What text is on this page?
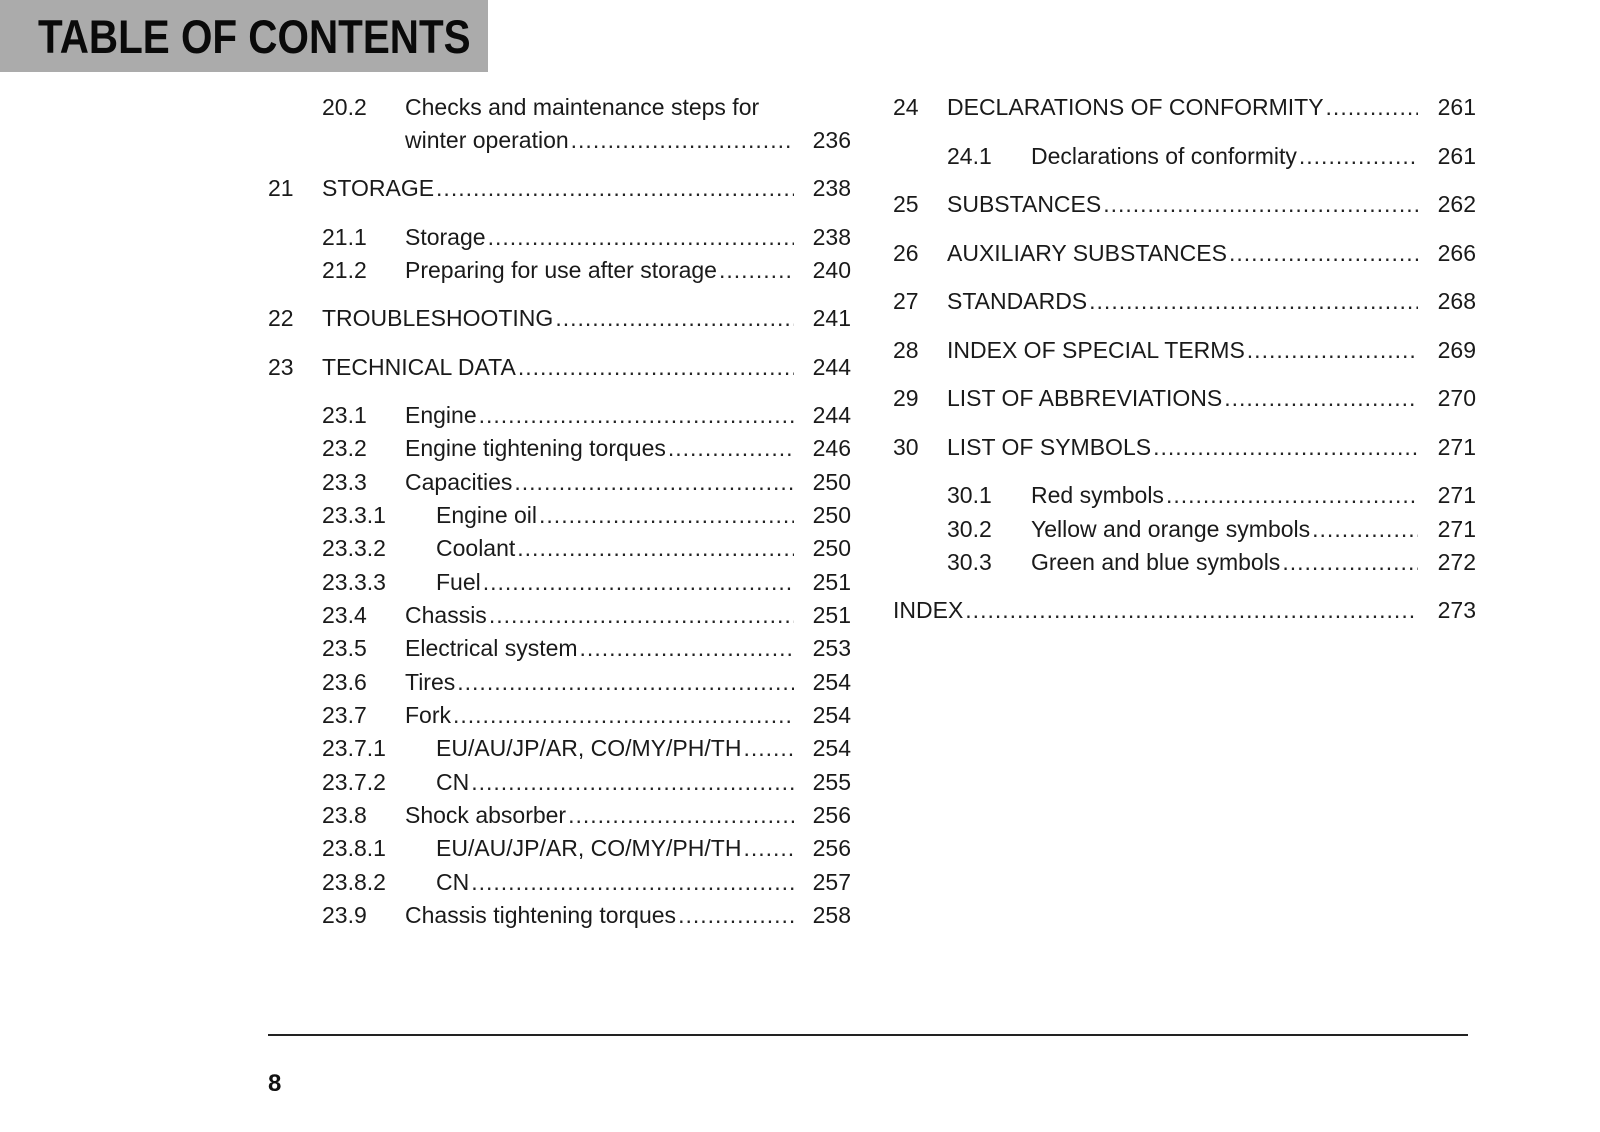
TABLE OF CONTENTS
20.2 Checks and maintenance steps for
winter operation .....	236
21 STORAGE .....	238
21.1 Storage .....	238
21.2 Preparing for use after storage .....	240
22 TROUBLESHOOTING .....	241
23 TECHNICAL DATA .....	244
23.1 Engine .....	244
23.2 Engine tightening torques .....	246
23.3 Capacities .....	250
23.3.1 Engine oil .....	250
23.3.2 Coolant .....	250
23.3.3 Fuel .....	251
23.4 Chassis .....	251
23.5 Electrical system .....	253
23.6 Tires .....	254
23.7 Fork .....	254
23.7.1 EU/AU/JP/AR, CO/MY/PH/TH .....	254
23.7.2 CN .....	255
23.8 Shock absorber .....	256
23.8.1 EU/AU/JP/AR, CO/MY/PH/TH .....	256
23.8.2 CN .....	257
23.9 Chassis tightening torques .....	258
24 DECLARATIONS OF CONFORMITY .....	261
24.1 Declarations of conformity .....	261
25 SUBSTANCES .....	262
26 AUXILIARY SUBSTANCES .....	266
27 STANDARDS .....	268
28 INDEX OF SPECIAL TERMS .....	269
29 LIST OF ABBREVIATIONS .....	270
30 LIST OF SYMBOLS .....	271
30.1 Red symbols .....	271
30.2 Yellow and orange symbols .....	271
30.3 Green and blue symbols .....	272
INDEX .....	273
8
